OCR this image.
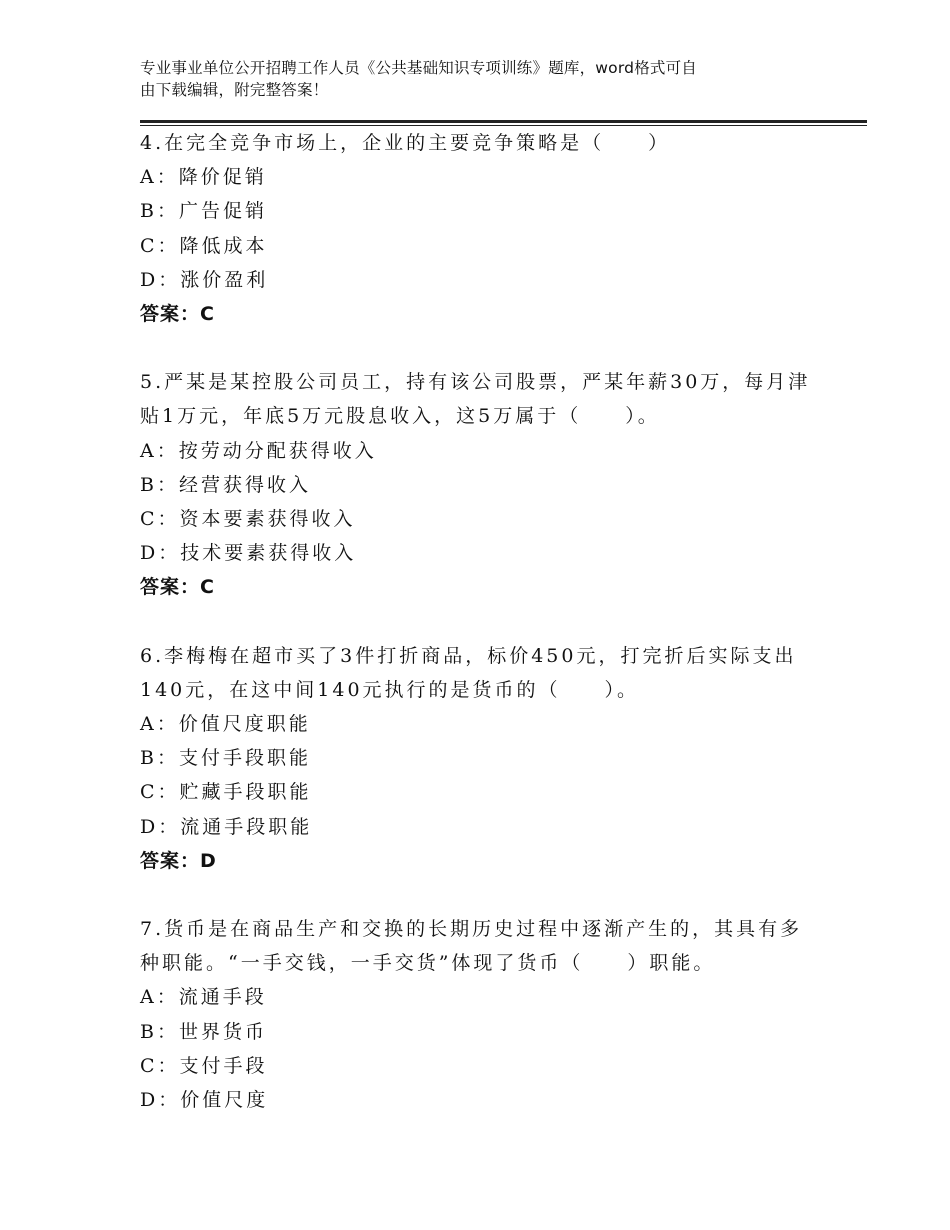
专业事业单位公开招聘工作人员《公共基础知识专项训练》题库，word格式可自
由下载编辑，附完整答案！
4.在完全竞争市场上，企业的主要竞争策略是（　　）
A：降价促销
B：广告促销
C：降低成本
D：涨价盈利
答案：C
5.严某是某控股公司员工，持有该公司股票，严某年薪30万，每月津
贴1万元，年底5万元股息收入，这5万属于（　　）。
A：按劳动分配获得收入
B：经营获得收入
C：资本要素获得收入
D：技术要素获得收入
答案：C
6.李梅梅在超市买了3件打折商品，标价450元，打完折后实际支出
140元，在这中间140元执行的是货币的（　　）。
A：价值尺度职能
B：支付手段职能
C：贮藏手段职能
D：流通手段职能
答案：D
7.货币是在商品生产和交换的长期历史过程中逐渐产生的，其具有多
种职能。“一手交钱，一手交货”体现了货币（　　）职能。
A：流通手段
B：世界货币
C：支付手段
D：价值尺度
